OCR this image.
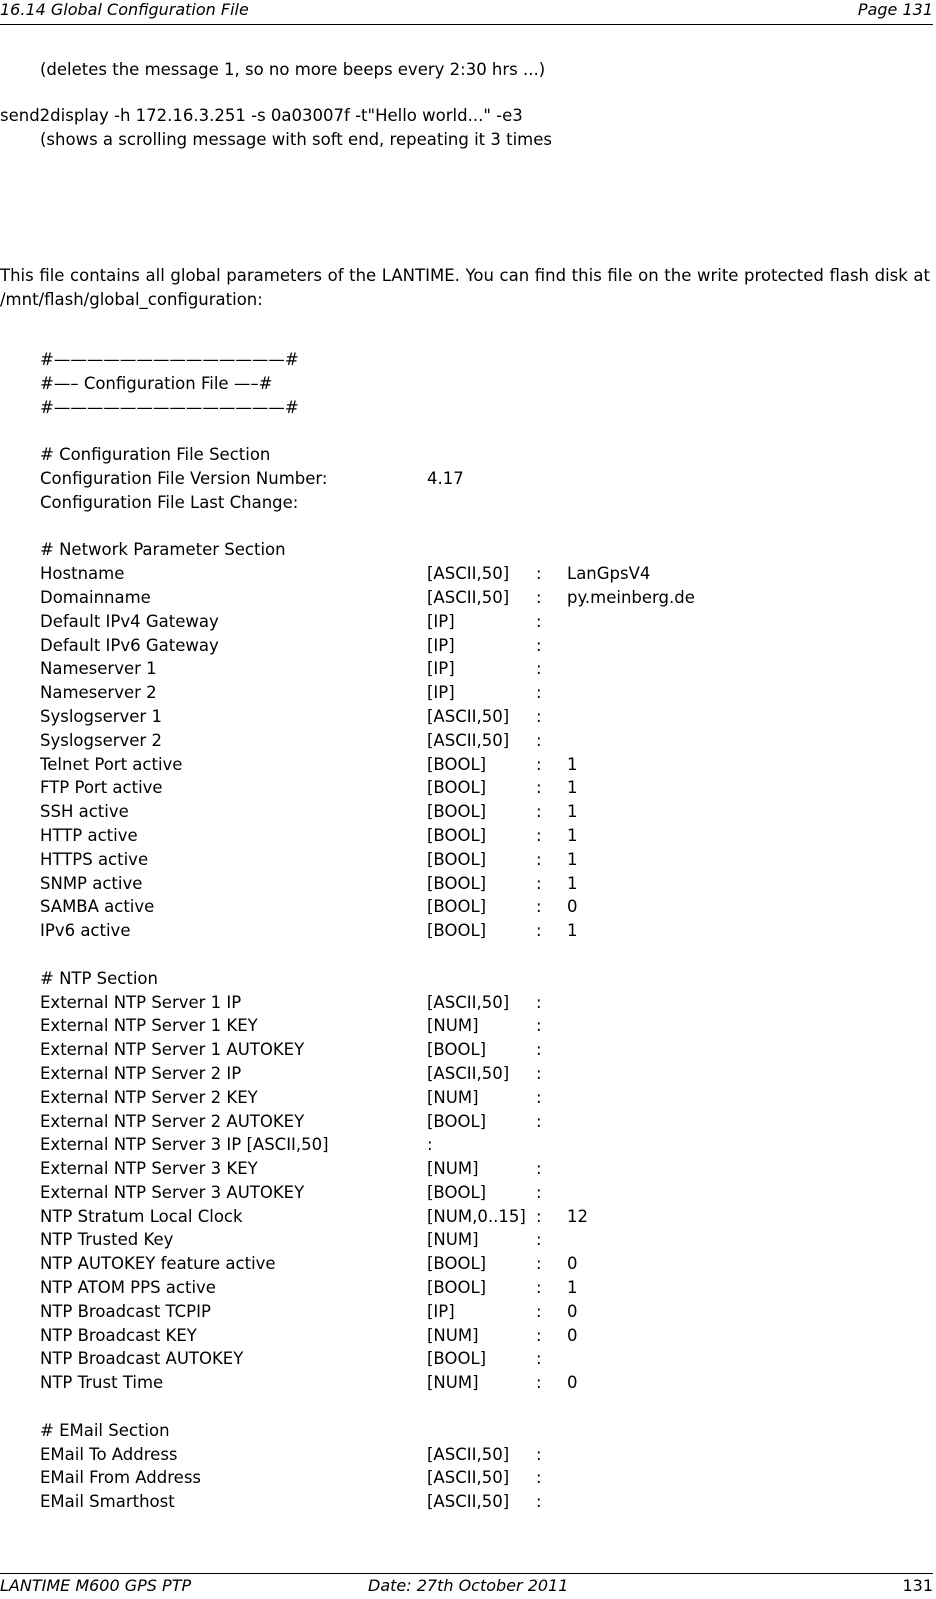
16.14 Global Configuration File	Page 131
(deletes the message 1, so no more beeps every 2:30 hrs ...)
send2display -h 172.16.3.251 -s 0a03007f -t"Hello world..." -e3
(shows a scrolling message with soft end, repeating it 3 times
This file contains all global parameters of the LANTIME. You can find this file on the write protected flash disk at /mnt/flash/global_configuration:
#——————————————#
#—– Configuration File —–#
#——————————————#
# Configuration File Section
Configuration File Version Number:	4.17
Configuration File Last Change:
# Network Parameter Section
Hostname	[ASCII,50] : LanGpsV4
Domainname	[ASCII,50] : py.meinberg.de
Default IPv4 Gateway	[IP]	:
Default IPv6 Gateway	[IP]	:
Nameserver 1	[IP]	:
Nameserver 2	[IP]	:
Syslogserver 1	[ASCII,50] :
Syslogserver 2	[ASCII,50] :
Telnet Port active	[BOOL]	: 1
FTP Port active	[BOOL]	: 1
SSH active	[BOOL]	: 1
HTTP active	[BOOL]	: 1
HTTPS active	[BOOL]	: 1
SNMP active	[BOOL]	: 1
SAMBA active	[BOOL]	: 0
IPv6 active	[BOOL]	: 1
# NTP Section
External NTP Server 1 IP	[ASCII,50] :
External NTP Server 1 KEY	[NUM]	:
External NTP Server 1 AUTOKEY	[BOOL]	:
External NTP Server 2 IP	[ASCII,50] :
External NTP Server 2 KEY	[NUM]	:
External NTP Server 2 AUTOKEY	[BOOL]	:
External NTP Server 3 IP [ASCII,50]	:
External NTP Server 3 KEY	[NUM]	:
External NTP Server 3 AUTOKEY	[BOOL]	:
NTP Stratum Local Clock	[NUM,0..15] : 12
NTP Trusted Key	[NUM]	:
NTP AUTOKEY feature active	[BOOL]	: 0
NTP ATOM PPS active	[BOOL]	: 1
NTP Broadcast TCPIP	[IP]	: 0
NTP Broadcast KEY	[NUM]	: 0
NTP Broadcast AUTOKEY	[BOOL]	:
NTP Trust Time	[NUM]	: 0
# EMail Section
EMail To Address	[ASCII,50] :
EMail From Address	[ASCII,50] :
EMail Smarthost	[ASCII,50] :
LANTIME M600 GPS PTP	Date: 27th October 2011	131
